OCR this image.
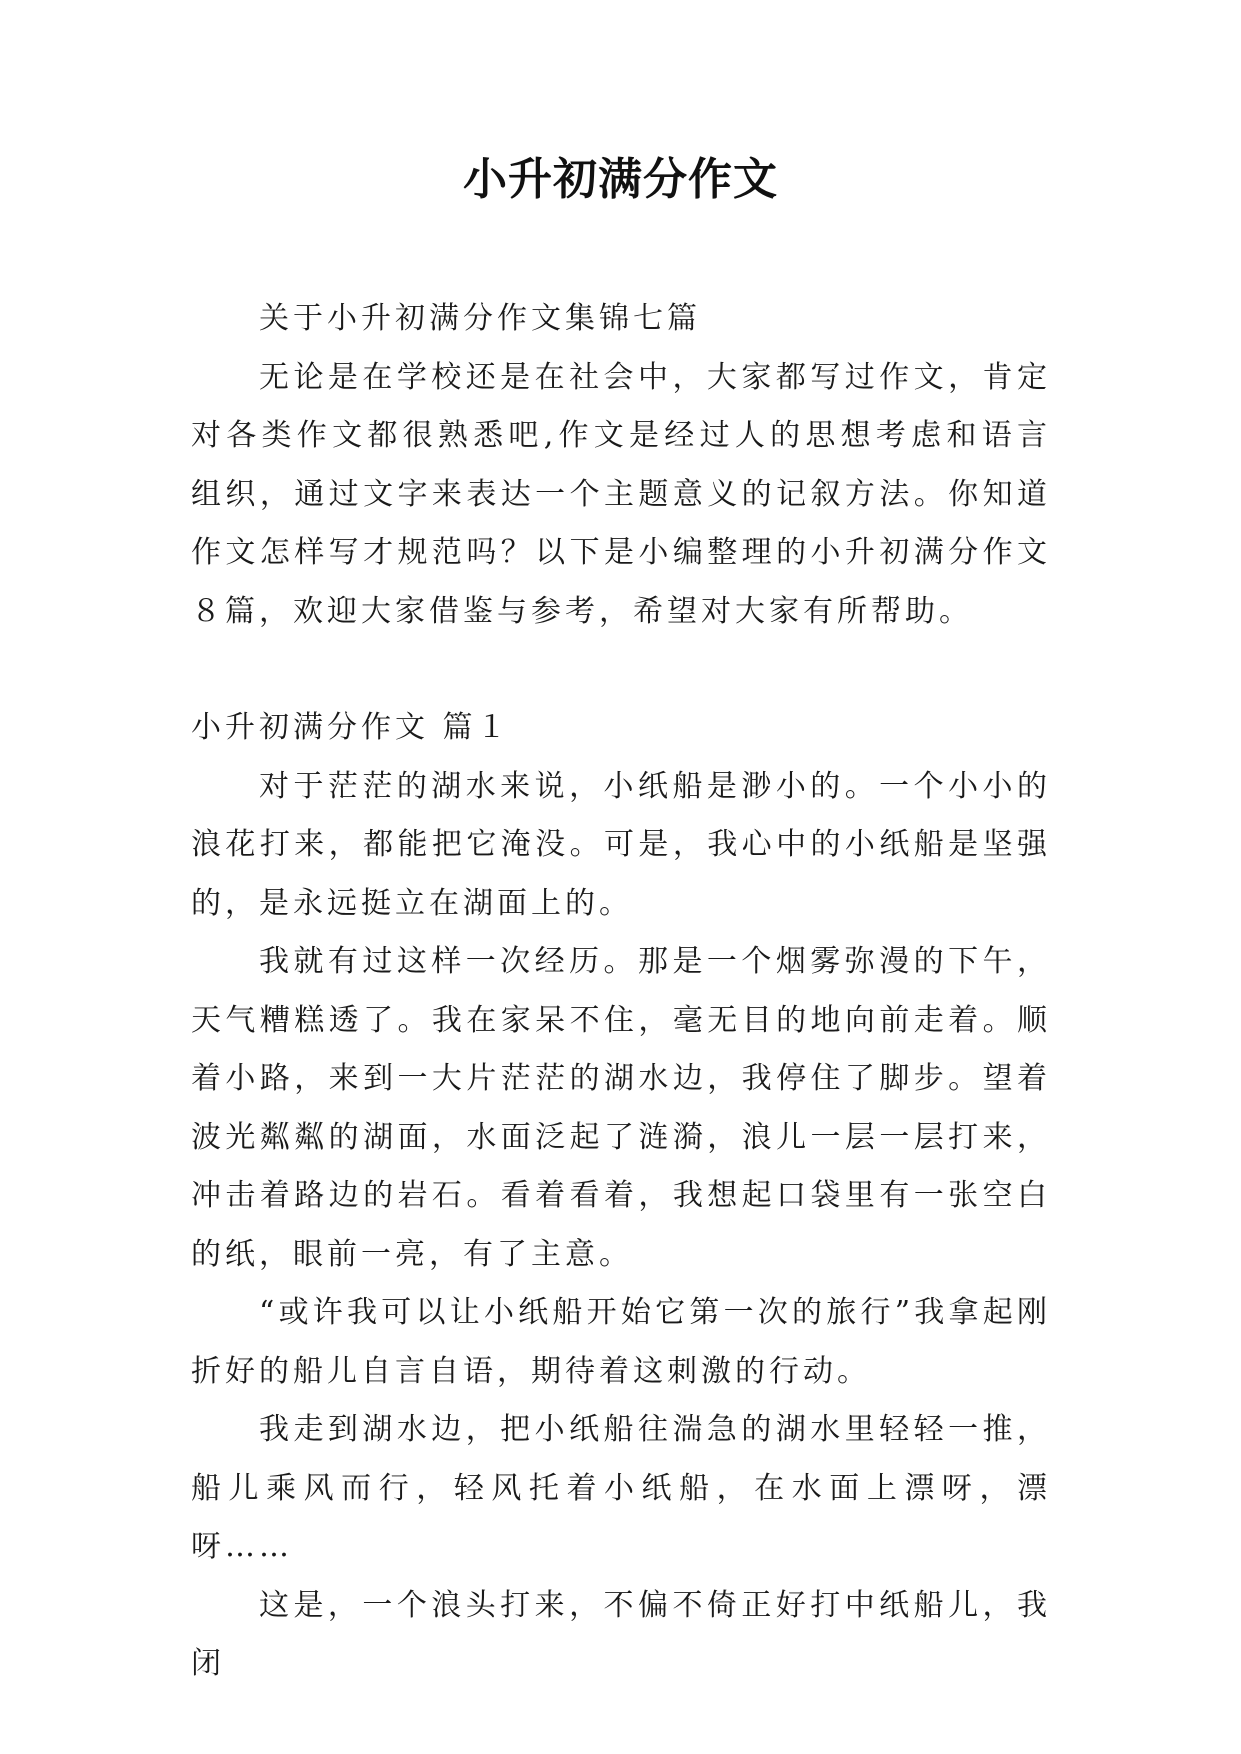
小升初满分作文

关于小升初满分作文集锦七篇

无论是在学校还是在社会中，大家都写过作文，肯定对各类作文都很熟悉吧,作文是经过人的思想考虑和语言组织，通过文字来表达一个主题意义的记叙方法。你知道作文怎样写才规范吗？以下是小编整理的小升初满分作文８篇，欢迎大家借鉴与参考，希望对大家有所帮助。

小升初满分作文 篇１

对于茫茫的湖水来说，小纸船是渺小的。一个小小的浪花打来，都能把它淹没。可是，我心中的小纸船是坚强的，是永远挺立在湖面上的。

我就有过这样一次经历。那是一个烟雾弥漫的下午，天气糟糕透了。我在家呆不住，毫无目的地向前走着。顺着小路，来到一大片茫茫的湖水边，我停住了脚步。望着波光粼粼的湖面，水面泛起了涟漪，浪儿一层一层打来，冲击着路边的岩石。看着看着，我想起口袋里有一张空白的纸，眼前一亮，有了主意。

“或许我可以让小纸船开始它第一次的旅行”我拿起刚折好的船儿自言自语，期待着这刺激的行动。

我走到湖水边，把小纸船往湍急的湖水里轻轻一推，船儿乘风而行，轻风托着小纸船，在水面上漂呀，漂呀……

这是，一个浪头打来，不偏不倚正好打中纸船儿，我闭
